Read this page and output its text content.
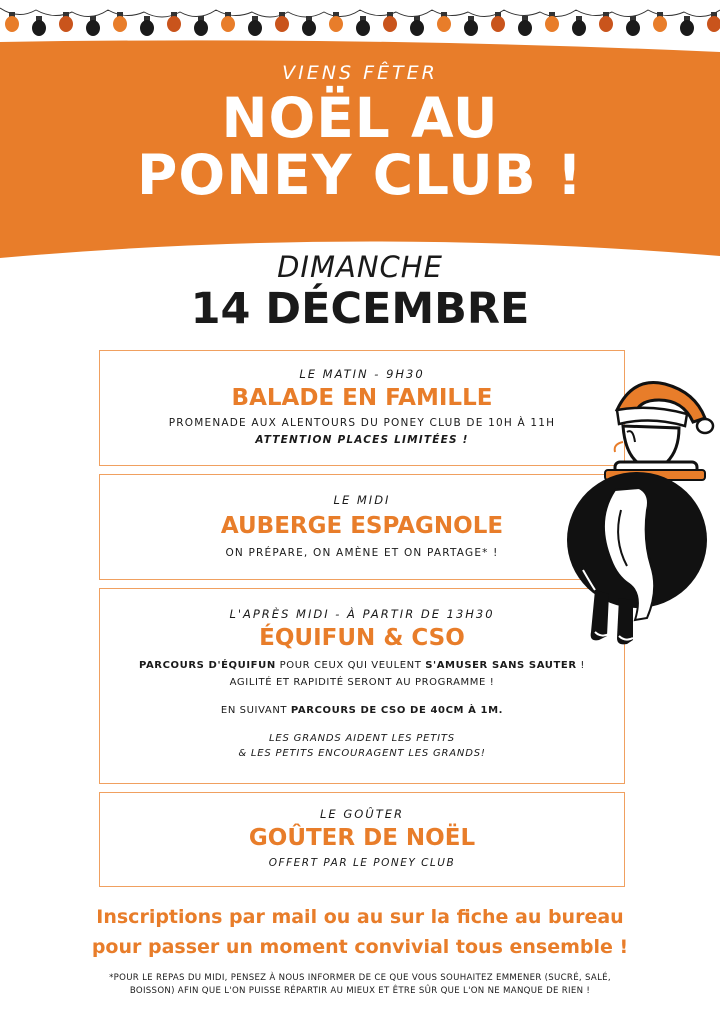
VIENS FÊTER
NOËL AU
PONEY CLUB !
DIMANCHE
14 DÉCEMBRE
LE MATIN - 9H30
BALADE EN FAMILLE
PROMENADE AUX ALENTOURS DU PONEY CLUB DE 10H À 11H
ATTENTION PLACES LIMITÉES !
LE MIDI
AUBERGE ESPAGNOLE
ON PRÉPARE, ON AMÈNE ET ON PARTAGE* !
L'APRÈS MIDI - À PARTIR DE 13H30
ÉQUIFUN & CSO
PARCOURS D'ÉQUIFUN POUR CEUX QUI VEULENT S'AMUSER SANS SAUTER !
AGILITÉ ET RAPIDITÉ SERONT AU PROGRAMME !
EN SUIVANT PARCOURS DE CSO DE 40CM À 1M.
LES GRANDS AIDENT LES PETITS
& LES PETITS ENCOURAGENT LES GRANDS!
LE GOÛTER
GOÛTER DE NOËL
OFFERT PAR LE PONEY CLUB
Inscriptions par mail ou au sur la fiche au bureau
pour passer un moment convivial tous ensemble !
*POUR LE REPAS DU MIDI, PENSEZ À NOUS INFORMER DE CE QUE VOUS SOUHAITEZ EMMENER (SUCRÉ, SALÉ,
BOISSON) AFIN QUE L'ON PUISSE RÉPARTIR AU MIEUX ET ÊTRE SÛR QUE L'ON NE MANQUE DE RIEN !
